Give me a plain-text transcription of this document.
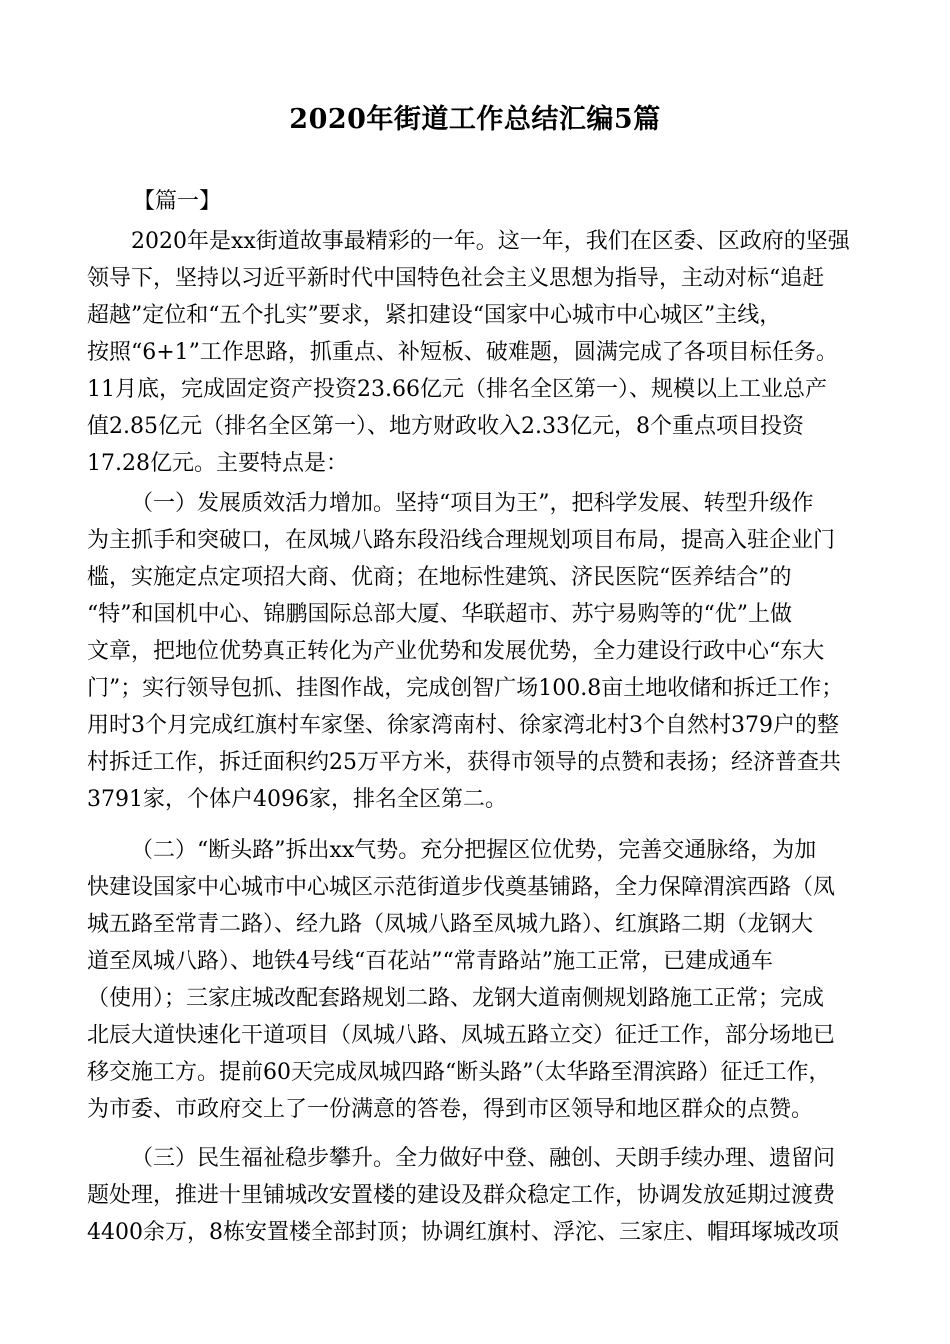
2020年街道工作总结汇编5篇
【篇一】
2020年是xx街道故事最精彩的一年。这一年，我们在区委、区政府的坚强
领导下，坚持以习近平新时代中国特色社会主义思想为指导，主动对标“追赶
超越”定位和“五个扎实”要求，紧扣建设“国家中心城市中心城区”主线，
按照“6+1”工作思路，抓重点、补短板、破难题，圆满完成了各项目标任务。
11月底，完成固定资产投资23.66亿元（排名全区第一）、规模以上工业总产
值2.85亿元（排名全区第一）、地方财政收入2.33亿元，8个重点项目投资
17.28亿元。主要特点是：
（一）发展质效活力增加。坚持“项目为王”，把科学发展、转型升级作
为主抓手和突破口，在凤城八路东段沿线合理规划项目布局，提高入驻企业门
槛，实施定点定项招大商、优商；在地标性建筑、济民医院“医养结合”的
“特”和国机中心、锦鹏国际总部大厦、华联超市、苏宁易购等的“优”上做
文章，把地位优势真正转化为产业优势和发展优势，全力建设行政中心“东大
门”；实行领导包抓、挂图作战，完成创智广场100.8亩土地收储和拆迁工作；
用时3个月完成红旗村车家堡、徐家湾南村、徐家湾北村3个自然村379户的整
村拆迁工作，拆迁面积约25万平方米，获得市领导的点赞和表扬；经济普查共
3791家，个体户4096家，排名全区第二。
（二）“断头路”拆出xx气势。充分把握区位优势，完善交通脉络，为加
快建设国家中心城市中心城区示范街道步伐奠基铺路，全力保障渭滨西路（凤
城五路至常青二路）、经九路（凤城八路至凤城九路）、红旗路二期（龙钢大
道至凤城八路）、地铁4号线“百花站”“常青路站”施工正常，已建成通车
（使用）；三家庄城改配套路规划二路、龙钢大道南侧规划路施工正常；完成
北辰大道快速化干道项目（凤城八路、凤城五路立交）征迁工作，部分场地已
移交施工方。提前60天完成凤城四路“断头路”（太华路至渭滨路）征迁工作，
为市委、市政府交上了一份满意的答卷，得到市区领导和地区群众的点赞。
（三）民生福祉稳步攀升。全力做好中登、融创、天朗手续办理、遗留问
题处理，推进十里铺城改安置楼的建设及群众稳定工作，协调发放延期过渡费
4400余万，8栋安置楼全部封顶；协调红旗村、浮沱、三家庄、帽珥塚城改项
